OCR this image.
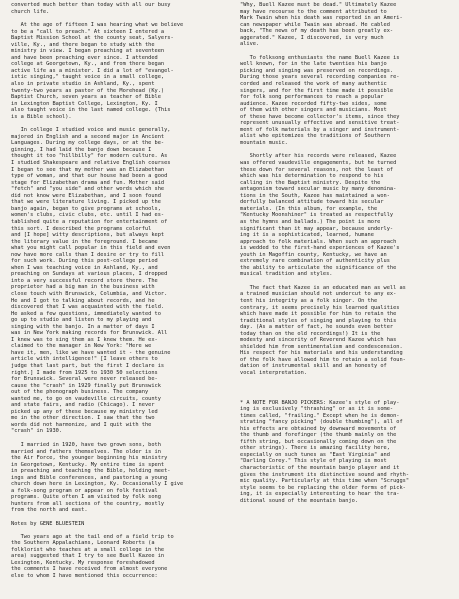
converted much better than today with all our busy
church life.

At the age of fifteen I was hearing what we believe
to be a "call to preach." At sixteen I entered a
Baptist Mission School at the county seat, Salyers-
ville, Ky., and there began to study with the
ministry in view. I began preaching at seventeen
and have been preaching ever since. I attended
college at Georgetown, Ky., and from there began
active life as a minister. I did a lot of "evangel-
istic singing," taught voice in a small college,
also in private studio in Ashland, Ky., spent
twenty-two years as pastor of the Morehead (Ky.)
Baptist Church, seven years as teacher of Bible
in Lexington Baptist College, Lexington, Ky. I
also taught voice in the last named college. (This
is a Bible school).

In college I studied voice and music generally,
majored in English and a second major in Ancient
Languages. During my college days, or at the be-
ginning, I had laid the banjo down because I
thought it too "hillbilly" for modern culture. As
I studied Shakespeare and relative English courses
I began to see that my mother was an Elizabethan
type of woman, and that our house had been a good
stage for Elizabethan drama and fun. Mother said
"fetch" and "you side" and other words which she
did not know were Elizabethan, and I soon found
that we were literature living. I picked up the
banjo again, began to give programs at schools,
women's clubs, civic clubs, etc. until I had es-
tablished quite a reputation for entertainment of
this sort. I described the programs colorful
and [I hope] witty descriptions, but always kept
the literary value in the foreground. I became
what you might call popular in this field and even
now have more calls than I desire or try to fill
for such work. During this post-college period
when I was teaching voice in Ashland, Ky., and
preaching on Sundays at various places, I dropped
into a very successful record store there. The
proprietor had a big man in the business with
close touch with Brunswick, Columbia, and Victor.
He and I got to talking about records, and he
discovered that I was acquainted with the field.
He asked a few questions, immediately wanted to
go up to studio and listen to my playing and
singing with the banjo. In a matter of days I
was in New York making records for Brunswick. All
I knew was to sing them as I knew them. He ex-
claimed to the manager in New York: "Here we
have it, men, like we have wanted it - the genuine
article with intelligence!" [I leave others to
judge that last part, but the first I declare is
right.] I made from 1925 to 1930 50 selections
for Brunswick. Several were never released be-
cause the "crash" in 1929 finally put Brunswick
out of the phonograph business. The company
wanted me, to go on vaudeville circuits, county
and state fairs, and radio (Chicago). I never
picked up any of these because my ministry led
me in the other direction. I saw that the two
words did not harmonize, and I quit with the
"crash" in 1930.

I married in 1920, have two grown sons, both
married and fathers themselves. The older is in
the Air Force, the younger beginning his ministry
in Georgetown, Kentucky. My entire time is spent
in preaching and teaching the Bible, holding meet-
ings and Bible conferences, and pastoring a young
church down here in Lexington, Ky. Occasionally I give
a folk-song program or appear on folk festival
programs. Quite often I am visited by folk song
hunters from all sections of the country, mostly
from the north and east.

Notes by GENE BLUESTEIN

Two years ago at the tail end of a field trip to
the Southern Appalachians, Leonard Roberts (a
folklorist who teaches at a small college in the
area) suggested that I try to see Buell Kazee in
Lexington, Kentucky. My response foreshadowed
the comments I have received from almost everyone
else to whom I have mentioned this occurrence:

"Why, Buell Kazee must be dead." Ultimately Kazee
may have recourse to the comment attributed to
Mark Twain when his death was reported in an Ameri-
can newspaper while Twain was abroad. He cabled
back, "The news of my death has been greatly ex-
aggerated." Kazee, I discovered, is very much
alive.

To folksong enthusiasts the name Buell Kazee is
well known, for in the late twenties his banjo
picking and singing was preserved on recordings.
During those years several recording companies re-
corded and released the work of many authentic
singers, and for the first time made it possible
for folk song performances to reach a popular
audience. Kazee recorded fifty-two sides, some
of them with other singers and musicians. Most
of these have become collector's items, since they
represent unusually effective and sensitive treat-
ment of folk materials by a singer and instrument-
alist who epitomizes the traditions of Southern
mountain music.

Shortly after his records were released, Kazee
was offered vaudeville engagements, but he turned
these down for several reasons, not the least of
which was his determination to respond to his
calling in the Baptist ministry. Despite the
antagonism toward secular music by many denomina-
tions in the South, Kazee has maintained a won-
derfully balanced attitude toward his secular
materials. (In this album, for example, the
"Kentucky Moonshiner" is treated as respectfully
as the hymns and ballads.) The point is more
significant than it may appear, because underly-
ing it is a sophisticated, learned, humane
approach to folk materials. When such an approach
is wedded to the first-hand experiences of Kazee's
youth in Magoffin county, Kentucky, we have an
extremely rare combination of authenticity plus
the ability to articulate the significance of the
musical tradition and styles.

The fact that Kazee is an educated man as well as
a trained musician should not undercut to any ex-
tent his integrity as a folk singer. On the
contrary, it seems precisely his learned qualities
which have made it possible for him to retain the
traditional styles of singing and playing to this
day. (As a matter of fact, he sounds even better
today than on the old recordings!) It is the
modesty and sincerity of Reverend Kazee which has
shielded him from sentimentalism and condescension.
His respect for his materials and his understanding
of the folk have allowed him to retain a solid foun-
dation of instrumental skill and an honesty of
vocal interpretation.

* A NOTE FOR BANJO PICKERS: Kazee's style of play-
ing is exclusively "thrashing" or as it is some-
times called, "frailing." Except when he is demon-
strating "fancy picking" (double thumbing"), all of
his effects are obtained by downward movements of
the thumb and forefinger (the thumb mainly on the
fifth string, but occasionally coming down on the
other strings). There is amazing facility here,
especially on such tunes as "East Virginia" and
"Darling Corey." This style of playing is most
characteristic of the mountain banjo player and it
gives the instrument its distinctive sound and rhyth-
mic quality. Particularly at this time when "Scruggs"
style seems to be replacing the older forms of pick-
ing, it is especially interesting to hear the tra-
ditional sound of the mountain banjo.
